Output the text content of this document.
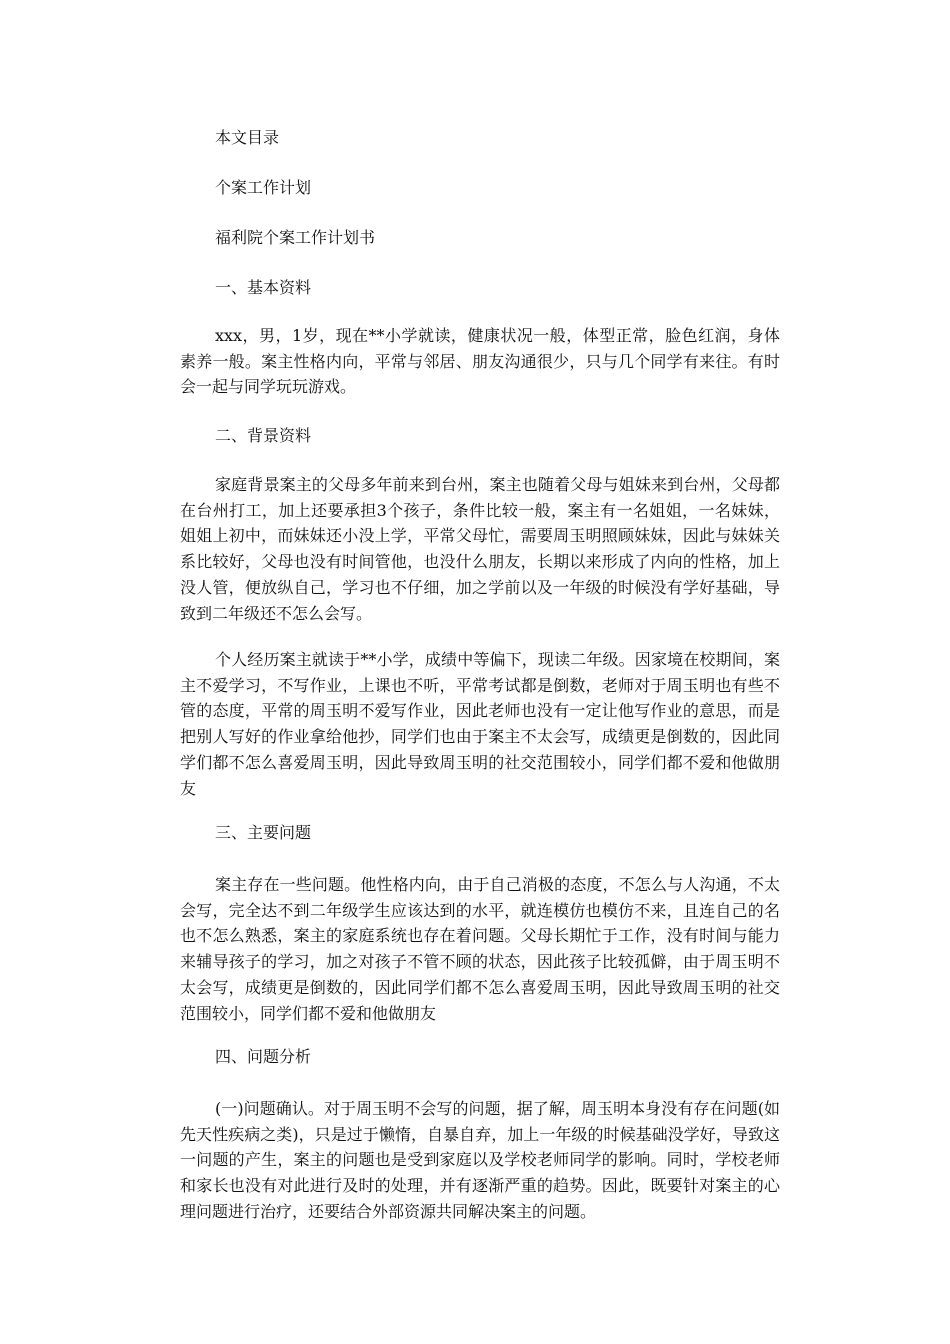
本文目录
个案工作计划
福利院个案工作计划书
一、基本资料

xxx，男，1岁，现在**小学就读，健康状况一般，体型正常，脸色红润，身体素养一般。案主性格内向，平常与邻居、朋友沟通很少，只与几个同学有来往。有时会一起与同学玩玩游戏。

二、背景资料

家庭背景案主的父母多年前来到台州，案主也随着父母与姐妹来到台州，父母都在台州打工，加上还要承担3个孩子，条件比较一般，案主有一名姐姐，一名妹妹，姐姐上初中，而妹妹还小没上学，平常父母忙，需要周玉明照顾妹妹，因此与妹妹关系比较好，父母也没有时间管他，也没什么朋友，长期以来形成了内向的性格，加上没人管，便放纵自己，学习也不仔细，加之学前以及一年级的时候没有学好基础，导致到二年级还不怎么会写。

个人经历案主就读于**小学，成绩中等偏下，现读二年级。因家境在校期间，案主不爱学习，不写作业，上课也不听，平常考试都是倒数，老师对于周玉明也有些不管的态度，平常的周玉明不爱写作业，因此老师也没有一定让他写作业的意思，而是把别人写好的作业拿给他抄，同学们也由于案主不太会写，成绩更是倒数的，因此同学们都不怎么喜爱周玉明，因此导致周玉明的社交范围较小，同学们都不爱和他做朋友

三、主要问题

案主存在一些问题。他性格内向，由于自己消极的态度，不怎么与人沟通，不太会写，完全达不到二年级学生应该达到的水平，就连模仿也模仿不来，且连自己的名也不怎么熟悉，案主的家庭系统也存在着问题。父母长期忙于工作，没有时间与能力来辅导孩子的学习，加之对孩子不管不顾的状态，因此孩子比较孤僻，由于周玉明不太会写，成绩更是倒数的，因此同学们都不怎么喜爱周玉明，因此导致周玉明的社交范围较小，同学们都不爱和他做朋友

四、问题分析

(一)问题确认。对于周玉明不会写的问题，据了解，周玉明本身没有存在问题(如先天性疾病之类)，只是过于懒惰，自暴自弃，加上一年级的时候基础没学好，导致这一问题的产生，案主的问题也是受到家庭以及学校老师同学的影响。同时，学校老师和家长也没有对此进行及时的处理，并有逐渐严重的趋势。因此，既要针对案主的心理问题进行治疗，还要结合外部资源共同解决案主的问题。
